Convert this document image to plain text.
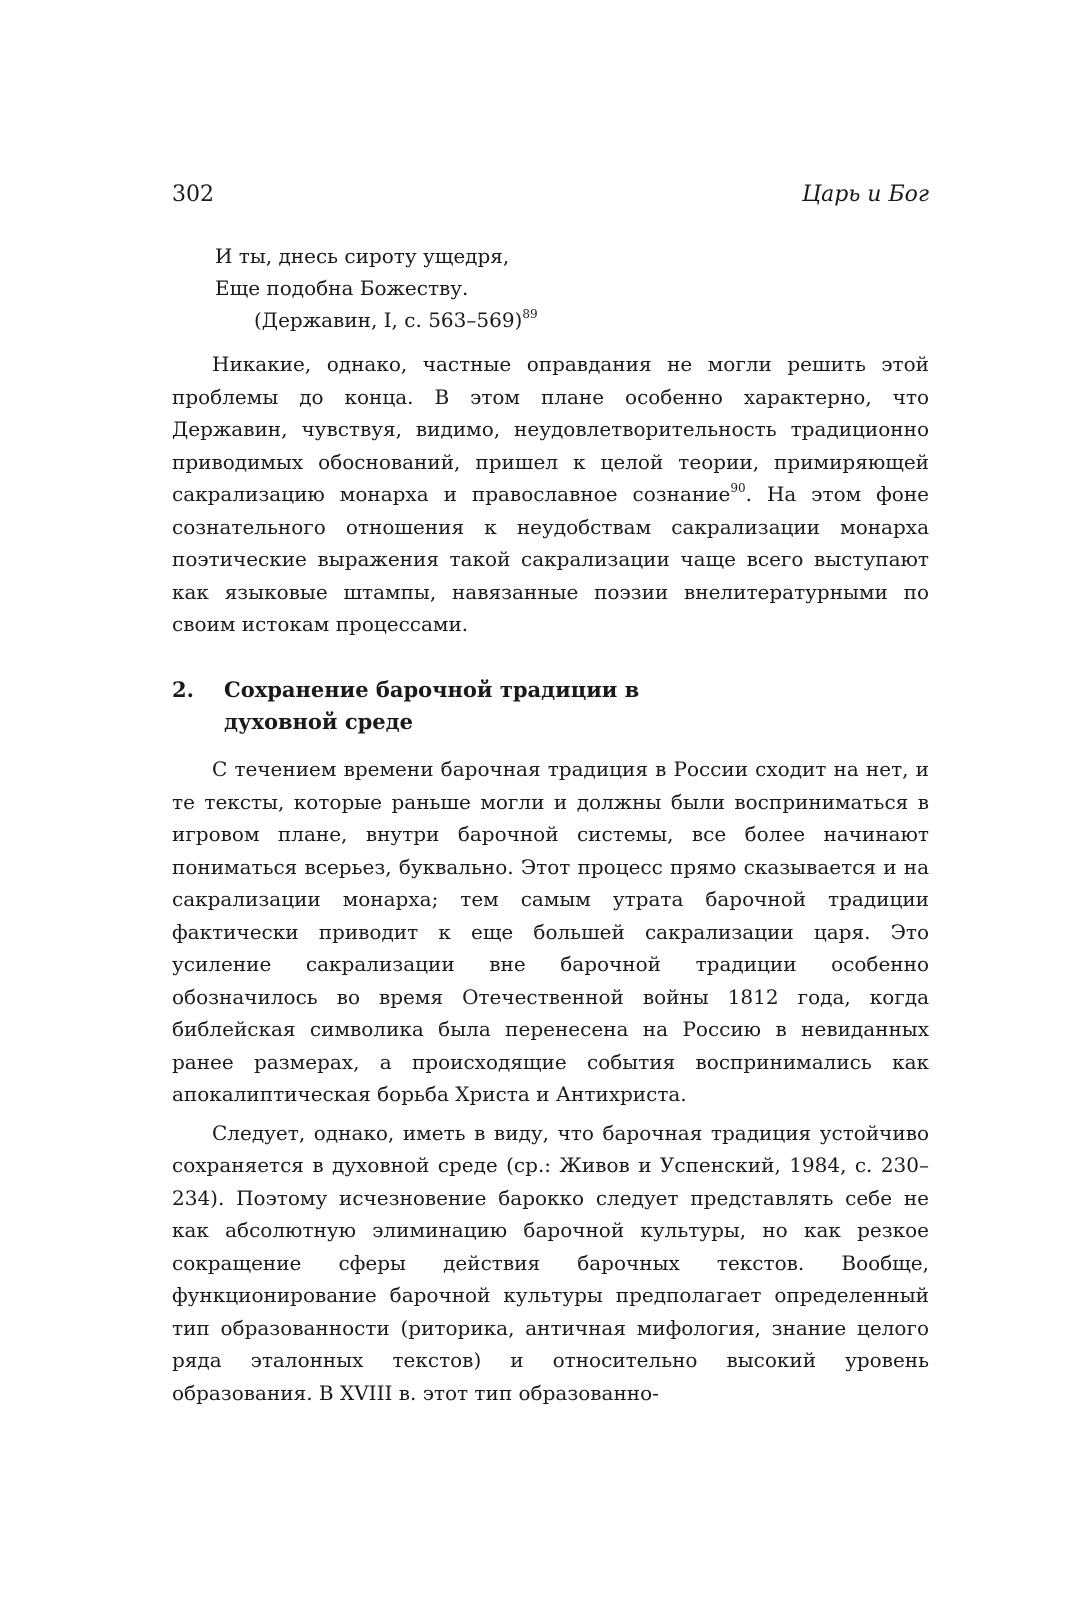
302	Царь и Бог
И ты, днесь сироту ущедря,
Еще подобна Божеству.
(Державин, I, с. 563–569)$^{89}$

Никакие, однако, частные оправдания не могли решить этой проблемы до конца. В этом плане особенно характерно, что Державин, чувствуя, видимо, неудовлетворительность традиционно приводимых обоснований, пришел к целой теории, примиряющей сакрализацию монарха и православное сознание$^{90}$. На этом фоне сознательного отношения к неудобствам сакрализации монарха поэтические выражения такой сакрализации чаще всего выступают как языковые штампы, навязанные поэзии внелитературными по своим истокам процессами.

2. Сохранение барочной традиции в духовной среде

С течением времени барочная традиция в России сходит на нет, и те тексты, которые раньше могли и должны были восприниматься в игровом плане, внутри барочной системы, все более начинают пониматься всерьез, буквально. Этот процесс прямо сказывается и на сакрализации монарха; тем самым утрата барочной традиции фактически приводит к еще большей сакрализации царя. Это усиление сакрализации вне барочной традиции особенно обозначилось во время Отечественной войны 1812 года, когда библейская символика была перенесена на Россию в невиданных ранее размерах, а происходящие события воспринимались как апокалиптическая борьба Христа и Антихриста.

Следует, однако, иметь в виду, что барочная традиция устойчиво сохраняется в духовной среде (ср.: Живов и Успенский, 1984, с. 230–234). Поэтому исчезновение барокко следует представлять себе не как абсолютную элиминацию барочной культуры, но как резкое сокращение сферы действия барочных текстов. Вообще, функционирование барочной культуры предполагает определенный тип образованности (риторика, античная мифология, знание целого ряда эталонных текстов) и относительно высокий уровень образования. В XVIII в. этот тип образованно-
